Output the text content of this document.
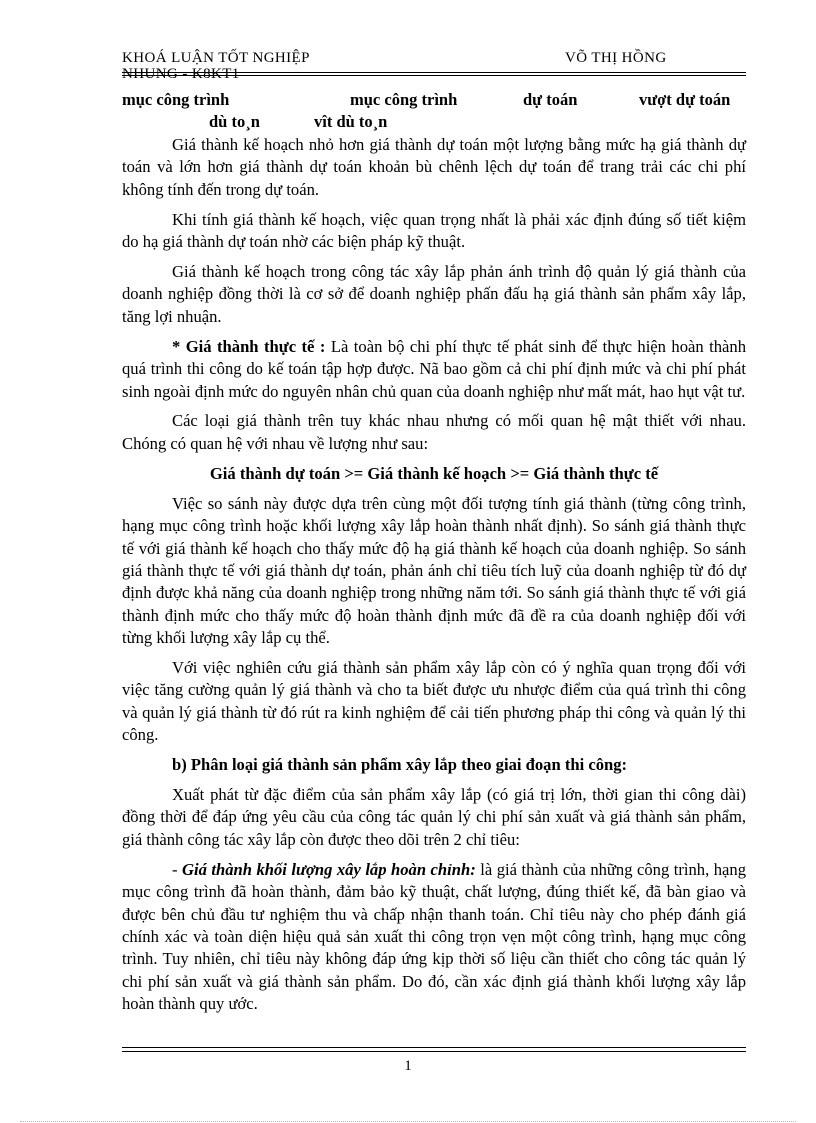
KHOÁ LUẬN TỐT NGHIỆP	VÕ THỊ HỒNG
NHUNG - K8KT1
mục công trình	mục công trình	dự toán	vượt dự toán
dù to¸n	vît dù to¸n

Giá thành kế hoạch nhỏ hơn giá thành dự toán một lượng bằng mức hạ giá thành dự toán và lớn hơn giá thành dự toán khoản bù chênh lệch dự toán để trang trải các chi phí không tính đến trong dự toán.

Khi tính giá thành kế hoạch, việc quan trọng nhất là phải xác định đúng số tiết kiệm do hạ giá thành dự toán nhờ các biện pháp kỹ thuật.

Giá thành kế hoạch trong công tác xây lắp phản ánh trình độ quản lý giá thành của doanh nghiệp đồng thời là cơ sở để doanh nghiệp phấn đấu hạ giá thành sản phẩm xây lắp, tăng lợi nhuận.

* Giá thành thực tế : Là toàn bộ chi phí thực tế phát sinh để thực hiện hoàn thành quá trình thi công do kế toán tập hợp được. Nã bao gồm cả chi phí định mức và chi phí phát sinh ngoài định mức do nguyên nhân chủ quan của doanh nghiệp như mất mát, hao hụt vật tư.

Các loại giá thành trên tuy khác nhau nhưng có mối quan hệ mật thiết với nhau. Chóng có quan hệ với nhau về lượng như sau:

Giá thành dự toán >= Giá thành kế hoạch >= Giá thành thực tế

Việc so sánh này được dựa trên cùng một đối tượng tính giá thành (từng công trình, hạng mục công trình hoặc khối lượng xây lắp hoàn thành nhất định). So sánh giá thành thực tế với giá thành kế hoạch cho thấy mức độ hạ giá thành kế hoạch của doanh nghiệp. So sánh giá thành thực tế với giá thành dự toán, phản ánh chỉ tiêu tích luỹ của doanh nghiệp từ đó dự định được khả năng của doanh nghiệp trong những năm tới. So sánh giá thành thực tế với giá thành định mức cho thấy mức độ hoàn thành định mức đã đề ra của doanh nghiệp đối với từng khối lượng xây lắp cụ thể.

Với việc nghiên cứu giá thành sản phẩm xây lắp còn có ý nghĩa quan trọng đối với việc tăng cường quản lý giá thành và cho ta biết được ưu nhược điểm của quá trình thi công và quản lý giá thành từ đó rút ra kinh nghiệm để cải tiến phương pháp thi công và quản lý thi công.

b) Phân loại giá thành sản phẩm xây lắp theo giai đoạn thi công:

Xuất phát từ đặc điểm của sản phẩm xây lắp (có giá trị lớn, thời gian thi công dài) đồng thời để đáp ứng yêu cầu của công tác quản lý chi phí sản xuất và giá thành sản phẩm, giá thành công tác xây lắp còn được theo dõi trên 2 chỉ tiêu:

- Giá thành khối lượng xây lắp hoàn chỉnh: là giá thành của những công trình, hạng mục công trình đã hoàn thành, đảm bảo kỹ thuật, chất lượng, đúng thiết kế, đã bàn giao và được bên chủ đầu tư nghiệm thu và chấp nhận thanh toán. Chỉ tiêu này cho phép đánh giá chính xác và toàn diện hiệu quả sản xuất thi công trọn vẹn một công trình, hạng mục công trình. Tuy nhiên, chỉ tiêu này không đáp ứng kịp thời số liệu cần thiết cho công tác quản lý chi phí sản xuất và giá thành sản phẩm. Do đó, cần xác định giá thành khối lượng xây lắp hoàn thành quy ước.

1
